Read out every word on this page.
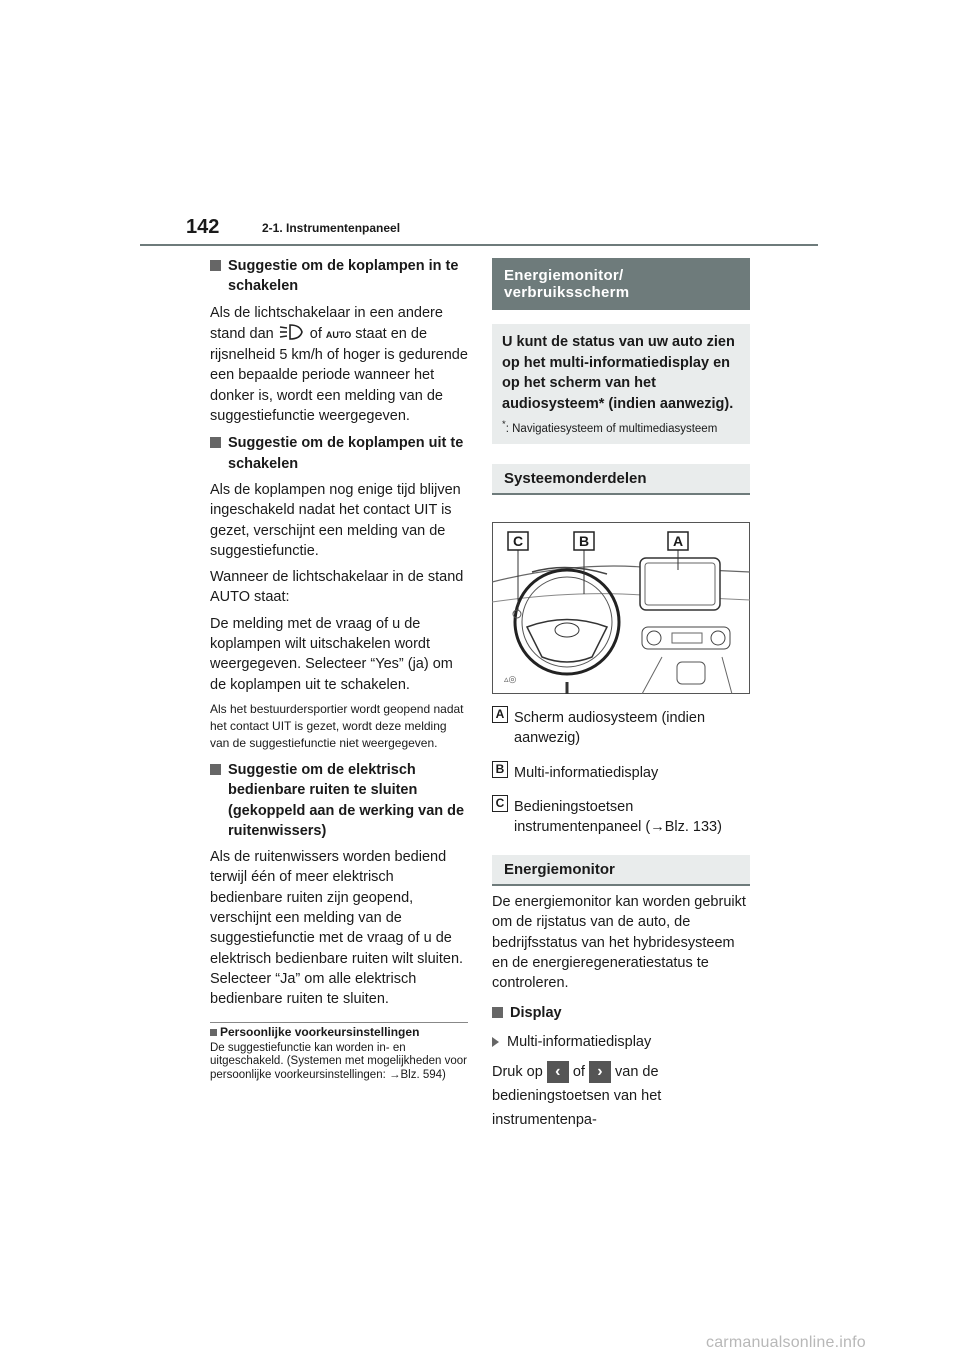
142	2-1. Instrumentenpaneel

Suggestie om de koplampen in te schakelen

Als de lichtschakelaar in een andere stand dan of AUTO staat en de rijsnelheid 5 km/h of hoger is gedurende een bepaalde periode wanneer het donker is, wordt een melding van de suggestiefunctie weergegeven.

Suggestie om de koplampen uit te schakelen

Als de koplampen nog enige tijd blijven ingeschakeld nadat het contact UIT is gezet, verschijnt een melding van de suggestiefunctie.

Wanneer de lichtschakelaar in de stand AUTO staat:

De melding met de vraag of u de koplampen wilt uitschakelen wordt weergegeven. Selecteer “Yes” (ja) om de koplampen uit te schakelen.

Als het bestuurdersportier wordt geopend nadat het contact UIT is gezet, wordt deze melding van de suggestiefunctie niet weergegeven.

Suggestie om de elektrisch bedienbare ruiten te sluiten (gekoppeld aan de werking van de ruitenwissers)

Als de ruitenwissers worden bediend terwijl één of meer elektrisch bedienbare ruiten zijn geopend, verschijnt een melding van de suggestiefunctie met de vraag of u de elektrisch bedienbare ruiten wilt sluiten. Selecteer “Ja” om alle elektrisch bedienbare ruiten te sluiten.

Persoonlijke voorkeursinstellingen

De suggestiefunctie kan worden in- en uitgeschakeld. (Systemen met mogelijkheden voor persoonlijke voorkeursinstellingen: →Blz. 594)

Energiemonitor/ verbruiksscherm

U kunt de status van uw auto zien op het multi-informatiedisplay en op het scherm van het audiosysteem* (indien aanwezig).

*: Navigatiesysteem of multimediasysteem

Systeemonderdelen
▵◎
C	B	A
A Scherm audiosysteem (indien aanwezig)

B Multi-informatiedisplay

C Bedieningstoetsen instrumentenpaneel (→Blz. 133)

Energiemonitor

De energiemonitor kan worden gebruikt om de rijstatus van de auto, de bedrijfsstatus van het hybridesysteem en de energieregeneratiestatus te controleren.

Display

Multi-informatiedisplay

Druk op ‹ of › van de bedieningstoetsen van het instrumentenpa-

carmanualsonline.info
